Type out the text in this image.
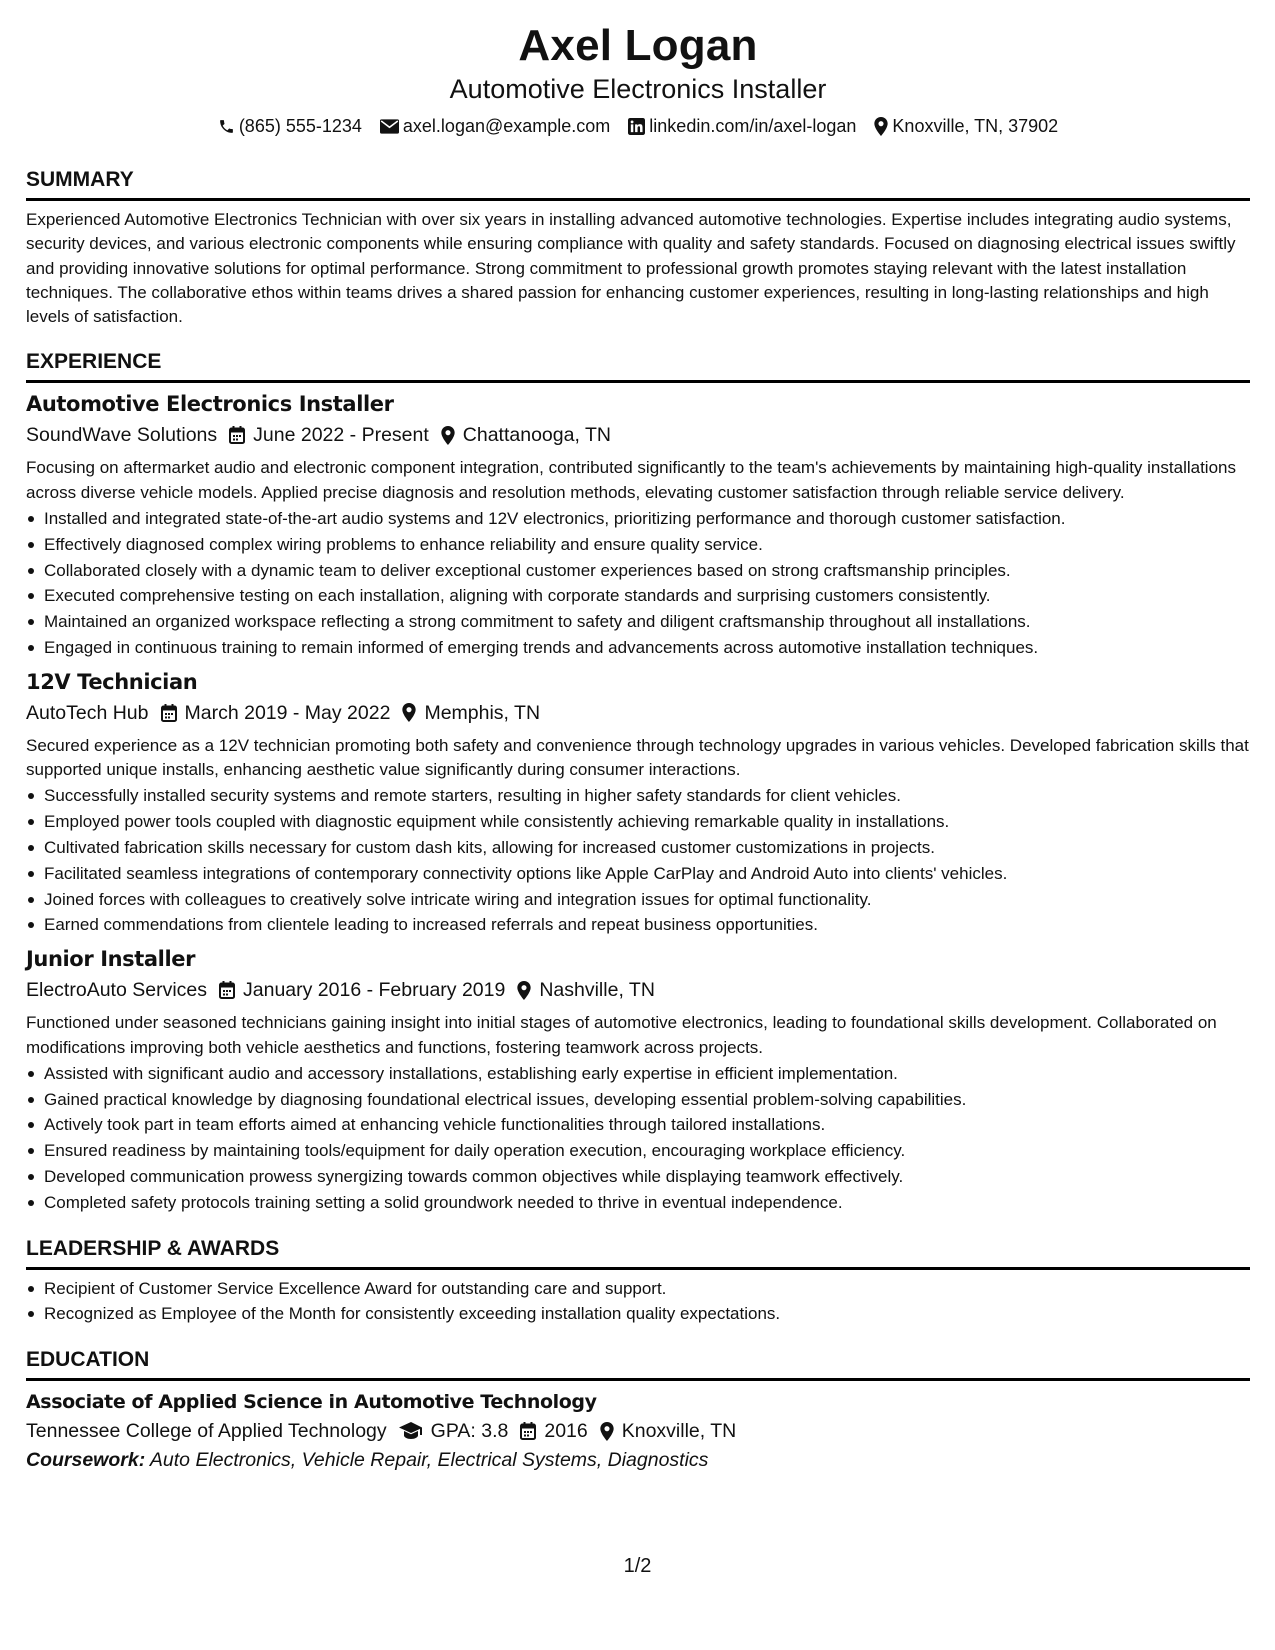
Axel Logan
Automotive Electronics Installer
(865) 555-1234 axel.logan@example.com linkedin.com/in/axel-logan Knoxville, TN, 37902
SUMMARY
Experienced Automotive Electronics Technician with over six years in installing advanced automotive technologies. Expertise includes integrating audio systems, security devices, and various electronic components while ensuring compliance with quality and safety standards. Focused on diagnosing electrical issues swiftly and providing innovative solutions for optimal performance. Strong commitment to professional growth promotes staying relevant with the latest installation techniques. The collaborative ethos within teams drives a shared passion for enhancing customer experiences, resulting in long-lasting relationships and high levels of satisfaction.
EXPERIENCE
Automotive Electronics Installer
SoundWave Solutions June 2022 - Present Chattanooga, TN
Focusing on aftermarket audio and electronic component integration, contributed significantly to the team's achievements by maintaining high-quality installations across diverse vehicle models. Applied precise diagnosis and resolution methods, elevating customer satisfaction through reliable service delivery.
Installed and integrated state-of-the-art audio systems and 12V electronics, prioritizing performance and thorough customer satisfaction.
Effectively diagnosed complex wiring problems to enhance reliability and ensure quality service.
Collaborated closely with a dynamic team to deliver exceptional customer experiences based on strong craftsmanship principles.
Executed comprehensive testing on each installation, aligning with corporate standards and surprising customers consistently.
Maintained an organized workspace reflecting a strong commitment to safety and diligent craftsmanship throughout all installations.
Engaged in continuous training to remain informed of emerging trends and advancements across automotive installation techniques.
12V Technician
AutoTech Hub March 2019 - May 2022 Memphis, TN
Secured experience as a 12V technician promoting both safety and convenience through technology upgrades in various vehicles. Developed fabrication skills that supported unique installs, enhancing aesthetic value significantly during consumer interactions.
Successfully installed security systems and remote starters, resulting in higher safety standards for client vehicles.
Employed power tools coupled with diagnostic equipment while consistently achieving remarkable quality in installations.
Cultivated fabrication skills necessary for custom dash kits, allowing for increased customer customizations in projects.
Facilitated seamless integrations of contemporary connectivity options like Apple CarPlay and Android Auto into clients' vehicles.
Joined forces with colleagues to creatively solve intricate wiring and integration issues for optimal functionality.
Earned commendations from clientele leading to increased referrals and repeat business opportunities.
Junior Installer
ElectroAuto Services January 2016 - February 2019 Nashville, TN
Functioned under seasoned technicians gaining insight into initial stages of automotive electronics, leading to foundational skills development. Collaborated on modifications improving both vehicle aesthetics and functions, fostering teamwork across projects.
Assisted with significant audio and accessory installations, establishing early expertise in efficient implementation.
Gained practical knowledge by diagnosing foundational electrical issues, developing essential problem-solving capabilities.
Actively took part in team efforts aimed at enhancing vehicle functionalities through tailored installations.
Ensured readiness by maintaining tools/equipment for daily operation execution, encouraging workplace efficiency.
Developed communication prowess synergizing towards common objectives while displaying teamwork effectively.
Completed safety protocols training setting a solid groundwork needed to thrive in eventual independence.
LEADERSHIP & AWARDS
Recipient of Customer Service Excellence Award for outstanding care and support.
Recognized as Employee of the Month for consistently exceeding installation quality expectations.
EDUCATION
Associate of Applied Science in Automotive Technology
Tennessee College of Applied Technology GPA: 3.8 2016 Knoxville, TN
Coursework: Auto Electronics, Vehicle Repair, Electrical Systems, Diagnostics
1/2
